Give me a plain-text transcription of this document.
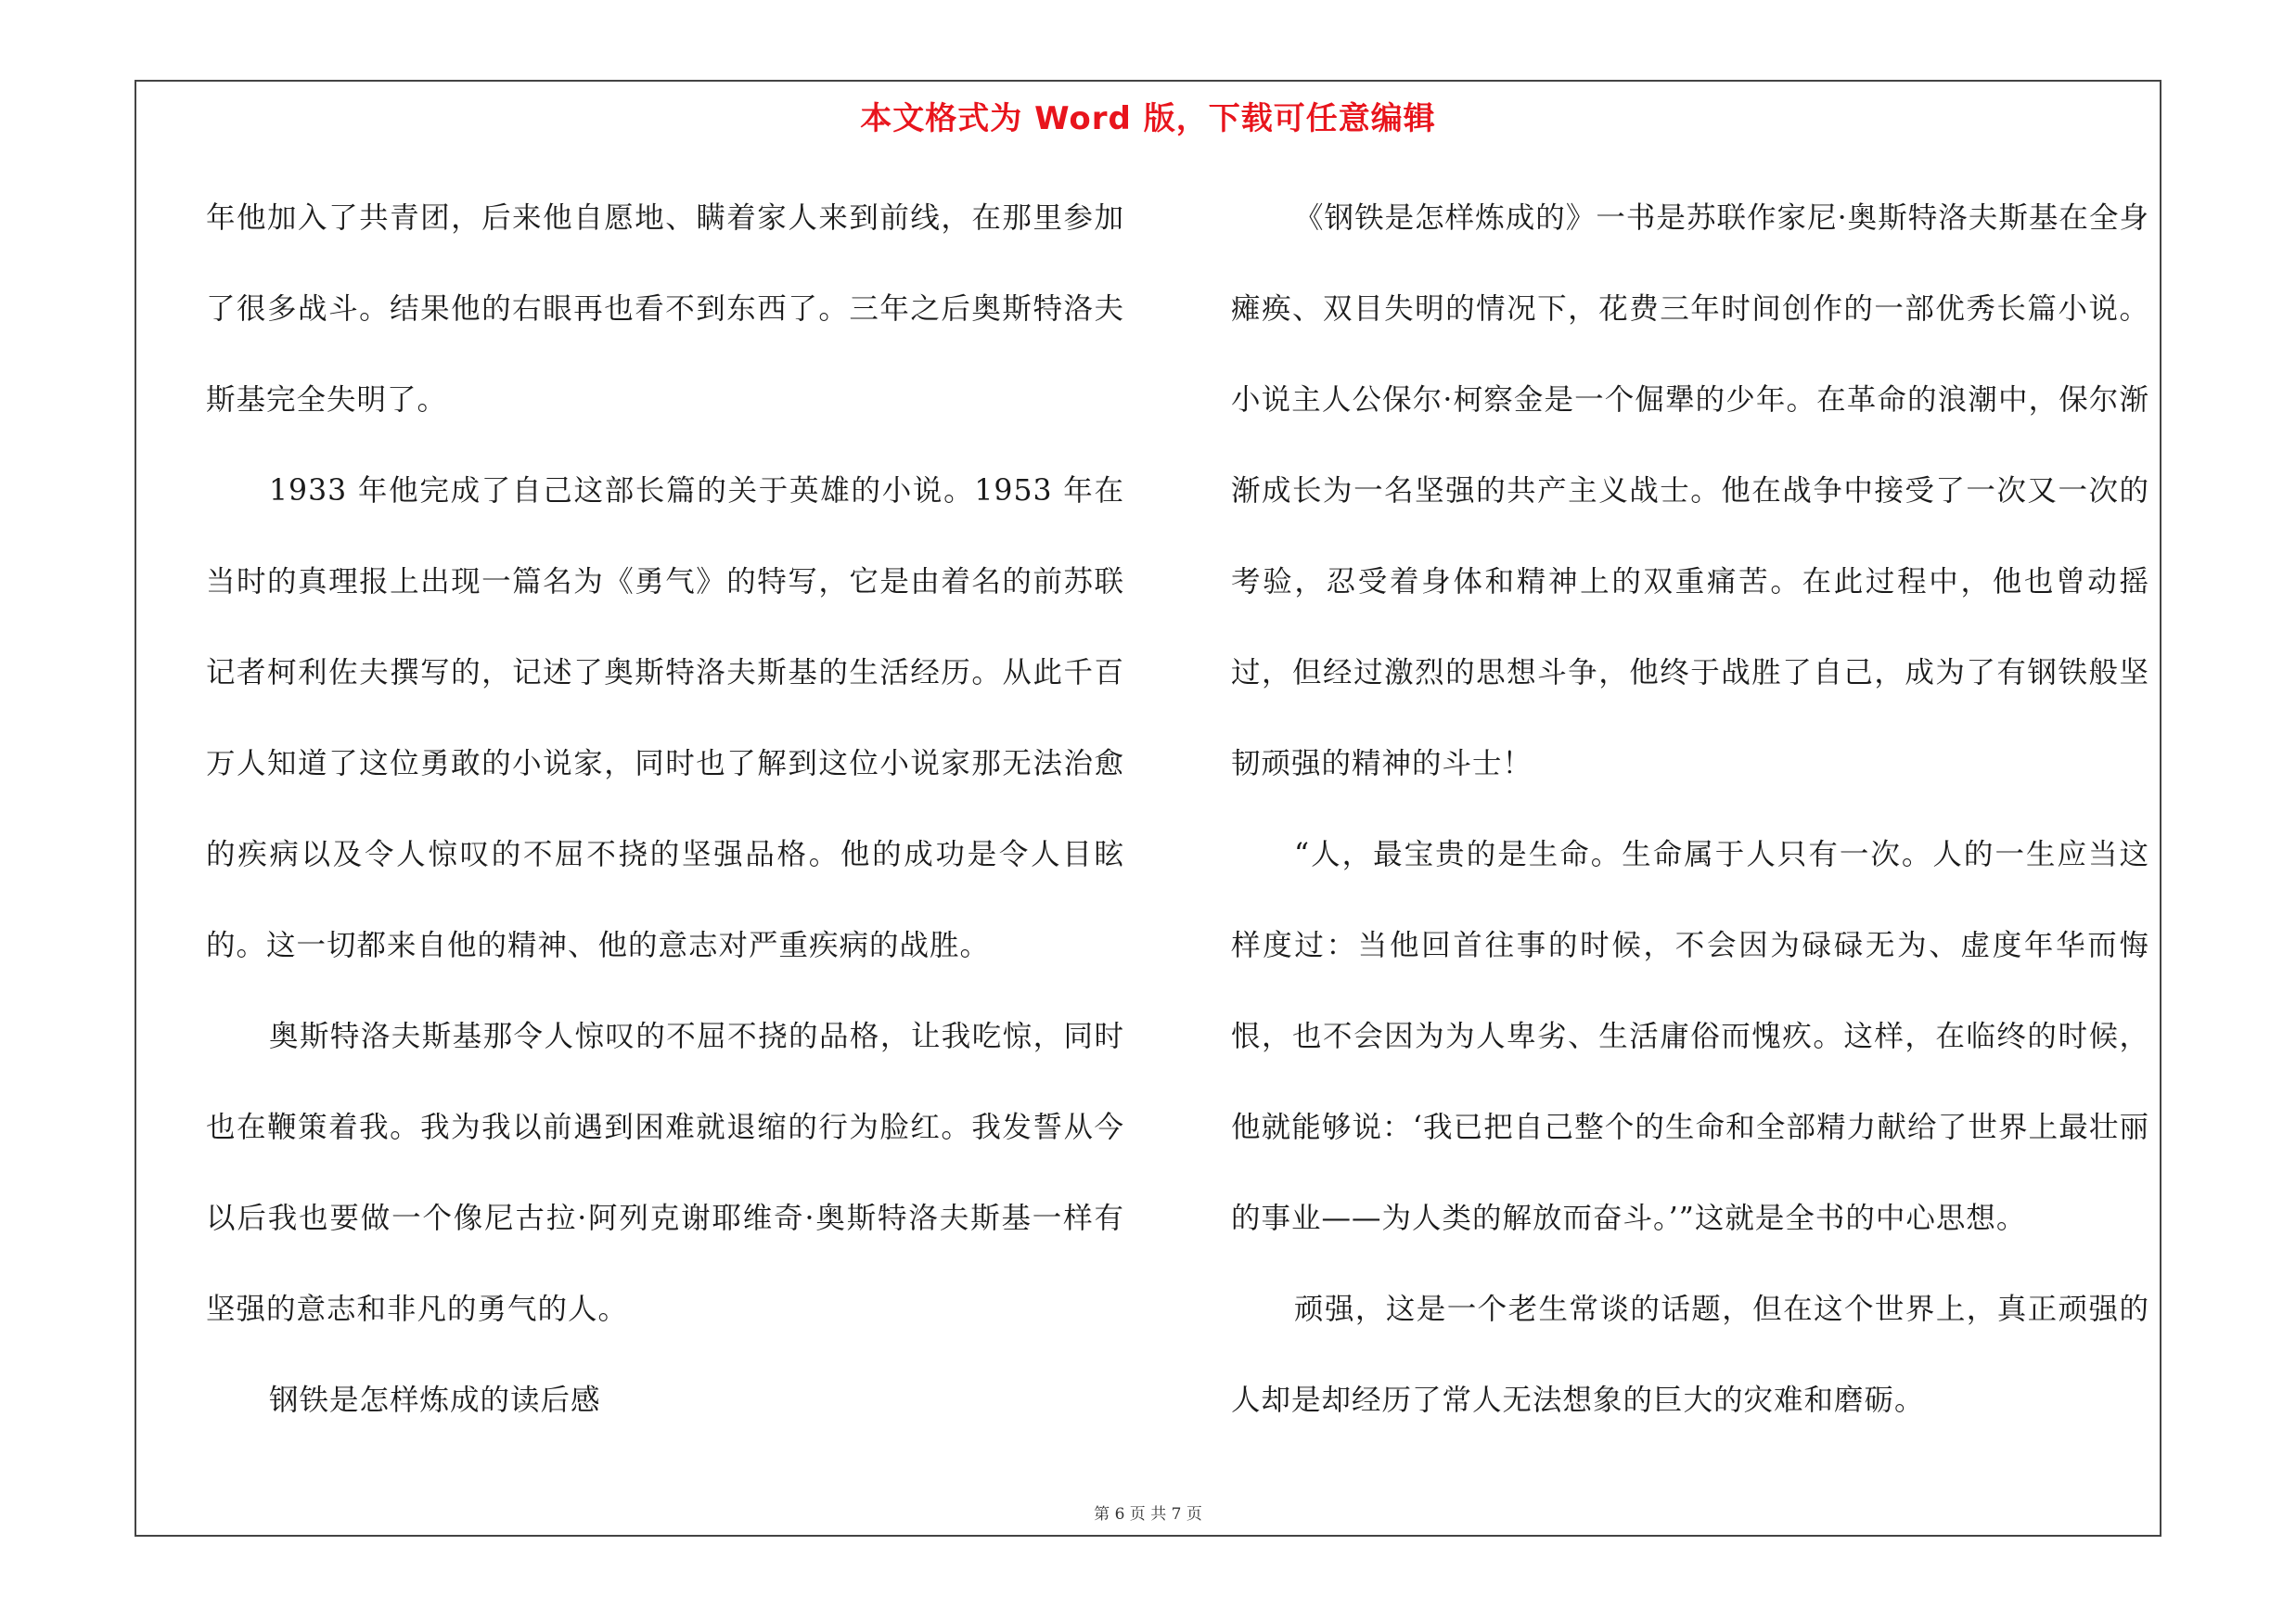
本文格式为 Word 版，下载可任意编辑

年他加入了共青团，后来他自愿地、瞒着家人来到前线，在那里参加了很多战斗。结果他的右眼再也看不到东西了。三年之后奥斯特洛夫斯基完全失明了。

1933 年他完成了自己这部长篇的关于英雄的小说。1953 年在当时的真理报上出现一篇名为《勇气》的特写，它是由着名的前苏联记者柯利佐夫撰写的，记述了奥斯特洛夫斯基的生活经历。从此千百万人知道了这位勇敢的小说家，同时也了解到这位小说家那无法治愈的疾病以及令人惊叹的不屈不挠的坚强品格。他的成功是令人目眩的。这一切都来自他的精神、他的意志对严重疾病的战胜。

奥斯特洛夫斯基那令人惊叹的不屈不挠的品格，让我吃惊，同时也在鞭策着我。我为我以前遇到困难就退缩的行为脸红。我发誓从今以后我也要做一个像尼古拉·阿列克谢耶维奇·奥斯特洛夫斯基一样有坚强的意志和非凡的勇气的人。

钢铁是怎样炼成的读后感

《钢铁是怎样炼成的》一书是苏联作家尼·奥斯特洛夫斯基在全身瘫痪、双目失明的情况下，花费三年时间创作的一部优秀长篇小说。小说主人公保尔·柯察金是一个倔犟的少年。在革命的浪潮中，保尔渐渐成长为一名坚强的共产主义战士。他在战争中接受了一次又一次的考验，忍受着身体和精神上的双重痛苦。在此过程中，他也曾动摇过，但经过激烈的思想斗争，他终于战胜了自己，成为了有钢铁般坚韧顽强的精神的斗士！

“人，最宝贵的是生命。生命属于人只有一次。人的一生应当这样度过：当他回首往事的时候，不会因为碌碌无为、虚度年华而悔恨，也不会因为为人卑劣、生活庸俗而愧疚。这样，在临终的时候，他就能够说：‘我已把自己整个的生命和全部精力献给了世界上最壮丽的事业——为人类的解放而奋斗。’”这就是全书的中心思想。

顽强，这是一个老生常谈的话题，但在这个世界上，真正顽强的人却是却经历了常人无法想象的巨大的灾难和磨砺。

第 6 页 共 7 页
